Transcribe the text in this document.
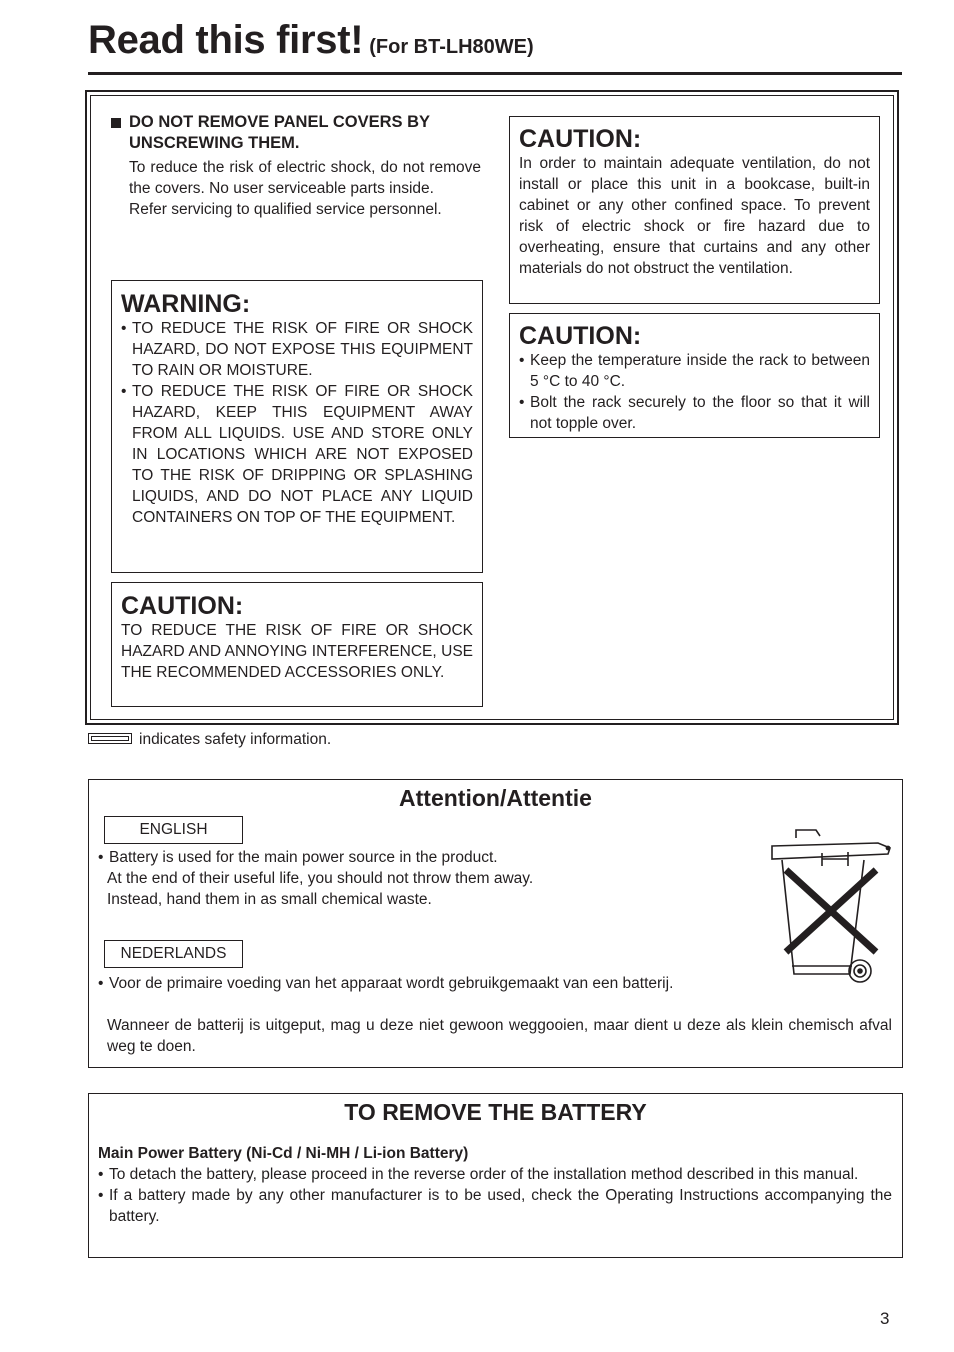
Read this first! (For BT-LH80WE)
DO NOT REMOVE PANEL COVERS BY UNSCREWING THEM.
To reduce the risk of electric shock, do not remove the covers. No user serviceable parts inside.
Refer servicing to qualified service personnel.
WARNING:
• TO REDUCE THE RISK OF FIRE OR SHOCK HAZARD, DO NOT EXPOSE THIS EQUIPMENT TO RAIN OR MOISTURE.
• TO REDUCE THE RISK OF FIRE OR SHOCK HAZARD, KEEP THIS EQUIPMENT AWAY FROM ALL LIQUIDS. USE AND STORE ONLY IN LOCATIONS WHICH ARE NOT EXPOSED TO THE RISK OF DRIPPING OR SPLASHING LIQUIDS, AND DO NOT PLACE ANY LIQUID CONTAINERS ON TOP OF THE EQUIPMENT.
CAUTION:
TO REDUCE THE RISK OF FIRE OR SHOCK HAZARD AND ANNOYING INTERFERENCE, USE THE RECOMMENDED ACCESSORIES ONLY.
CAUTION:
In order to maintain adequate ventilation, do not install or place this unit in a bookcase, built-in cabinet or any other confined space. To prevent risk of electric shock or fire hazard due to overheating, ensure that curtains and any other materials do not obstruct the ventilation.
CAUTION:
• Keep the temperature inside the rack to between 5 °C to 40 °C.
• Bolt the rack securely to the floor so that it will not topple over.
indicates safety information.
Attention/Attentie
ENGLISH
• Battery is used for the main power source in the product.
At the end of their useful life, you should not throw them away.
Instead, hand them in as small chemical waste.
NEDERLANDS
• Voor de primaire voeding van het apparaat wordt gebruikgemaakt van een batterij.
Wanneer de batterij is uitgeput, mag u deze niet gewoon weggooien, maar dient u deze als klein chemisch afval weg te doen.
TO REMOVE THE BATTERY
Main Power Battery (Ni-Cd / Ni-MH / Li-ion Battery)
• To detach the battery, please proceed in the reverse order of the installation method described in this manual.
• If a battery made by any other manufacturer is to be used, check the Operating Instructions accompanying the battery.
3
